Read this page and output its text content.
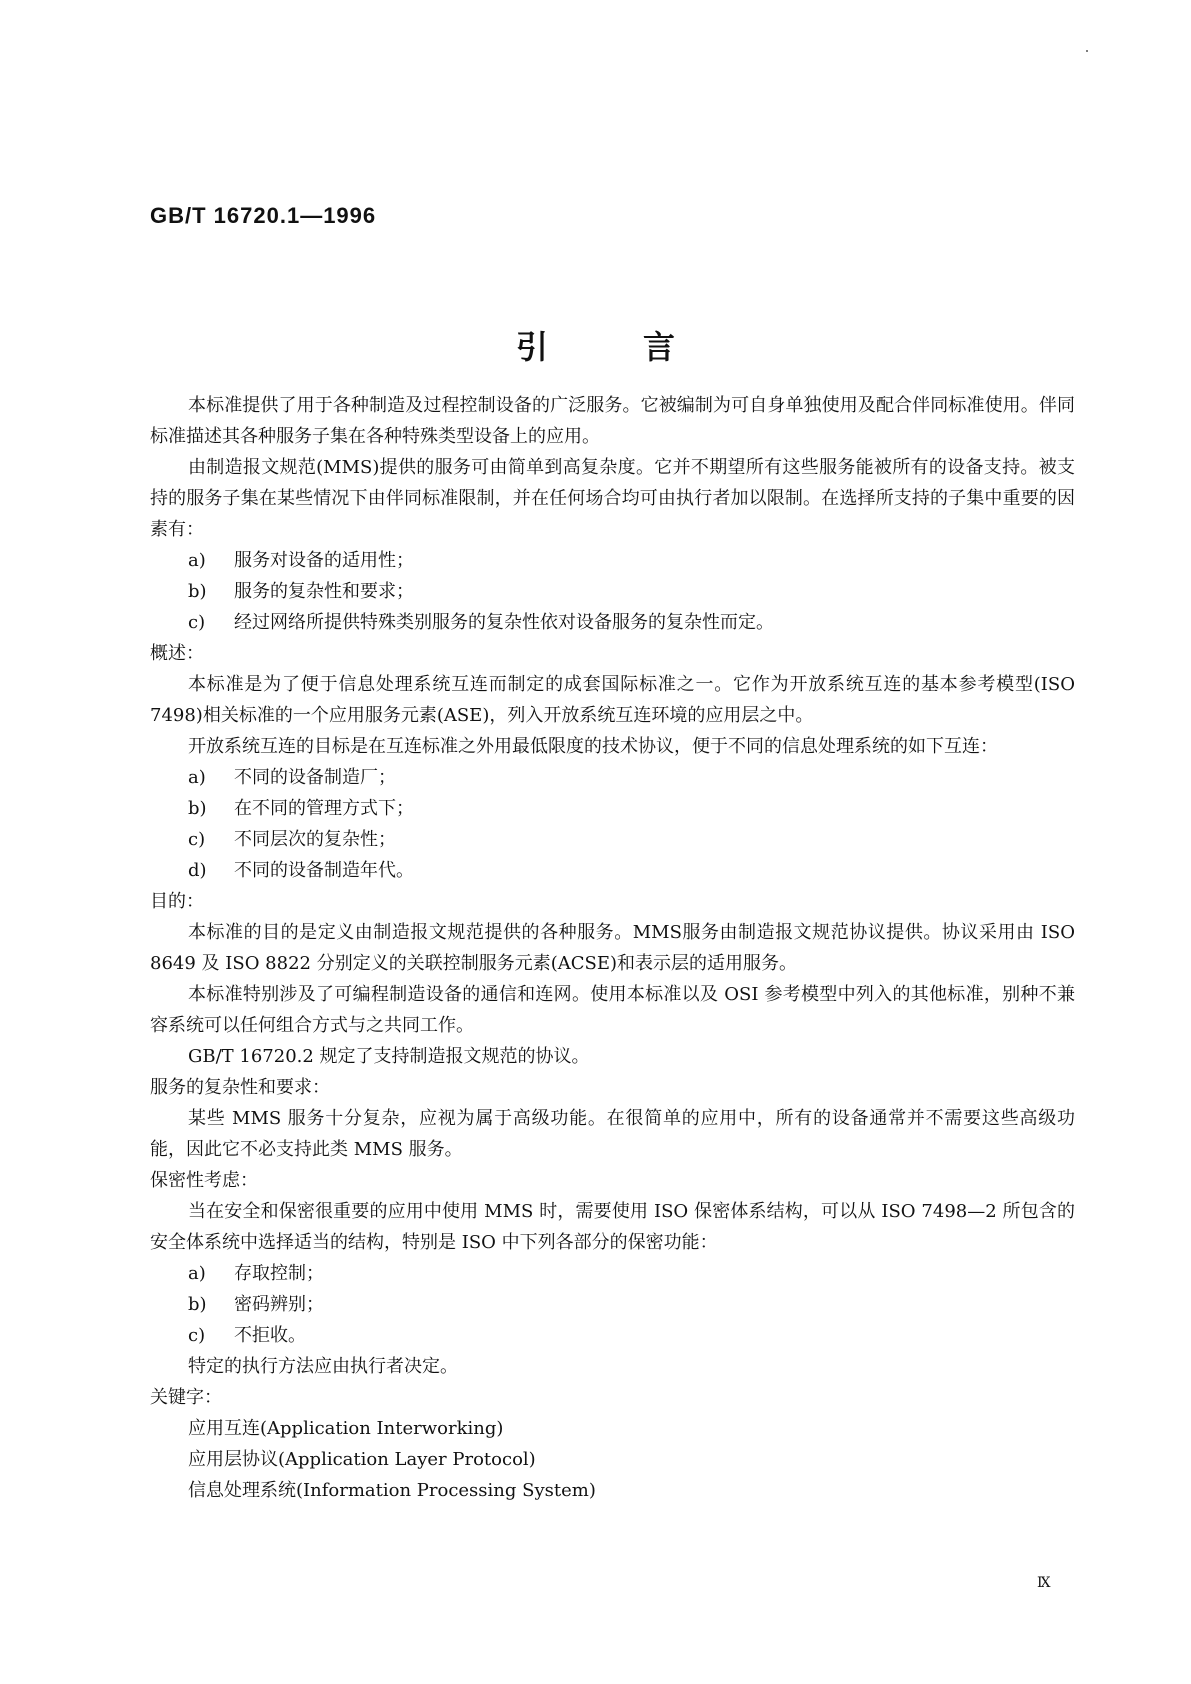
GB/T 16720.1—1996

引	言

本标准提供了用于各种制造及过程控制设备的广泛服务。它被编制为可自身单独使用及配合伴同标准使用。伴同标准描述其各种服务子集在各种特殊类型设备上的应用。

由制造报文规范(MMS)提供的服务可由简单到高复杂度。它并不期望所有这些服务能被所有的设备支持。被支持的服务子集在某些情况下由伴同标准限制，并在任何场合均可由执行者加以限制。在选择所支持的子集中重要的因素有：

a) 服务对设备的适用性；

b) 服务的复杂性和要求；

c) 经过网络所提供特殊类别服务的复杂性依对设备服务的复杂性而定。

概述：

本标准是为了便于信息处理系统互连而制定的成套国际标准之一。它作为开放系统互连的基本参考模型(ISO 7498)相关标准的一个应用服务元素(ASE)，列入开放系统互连环境的应用层之中。

开放系统互连的目标是在互连标准之外用最低限度的技术协议，便于不同的信息处理系统的如下互连：

a) 不同的设备制造厂；

b) 在不同的管理方式下；

c) 不同层次的复杂性；

d) 不同的设备制造年代。

目的：

本标准的目的是定义由制造报文规范提供的各种服务。MMS服务由制造报文规范协议提供。协议采用由 ISO 8649 及 ISO 8822 分别定义的关联控制服务元素(ACSE)和表示层的适用服务。

本标准特别涉及了可编程制造设备的通信和连网。使用本标准以及 OSI 参考模型中列入的其他标准，别种不兼容系统可以任何组合方式与之共同工作。

GB/T 16720.2 规定了支持制造报文规范的协议。

服务的复杂性和要求：

某些 MMS 服务十分复杂，应视为属于高级功能。在很简单的应用中，所有的设备通常并不需要这些高级功能，因此它不必支持此类 MMS 服务。

保密性考虑：

当在安全和保密很重要的应用中使用 MMS 时，需要使用 ISO 保密体系结构，可以从 ISO 7498—2 所包含的安全体系统中选择适当的结构，特别是 ISO 中下列各部分的保密功能：

a) 存取控制；

b) 密码辨别；

c) 不拒收。

特定的执行方法应由执行者决定。

关键字：

应用互连(Application Interworking)

应用层协议(Application Layer Protocol)

信息处理系统(Information Processing System)

Ⅸ
